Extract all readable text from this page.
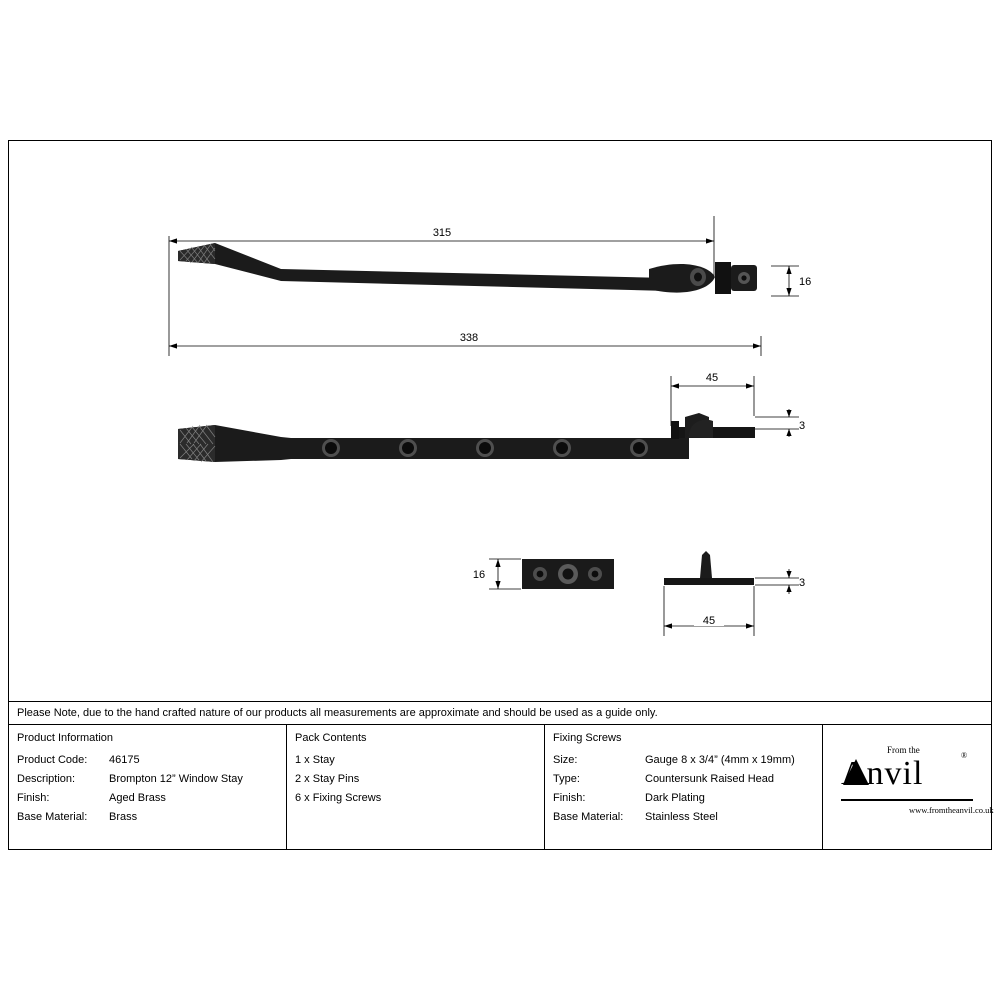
315
338
16
45
3
16
3
45
Please Note, due to the hand crafted nature of our products all measurements are approximate and should be used as a guide only.
Product Information
Product Code:	46175
Description:	Brompton 12” Window Stay
Finish:	Aged Brass
Base Material:	Brass
Pack Contents
1 x Stay
2 x Stay Pins
6 x Fixing Screws
Fixing Screws
Size:	Gauge 8 x 3/4” (4mm x 19mm)
Type:	Countersunk Raised Head
Finish:	Dark Plating
Base Material:	Stainless Steel
From the
Anvil	®
www.fromtheanvil.co.uk
